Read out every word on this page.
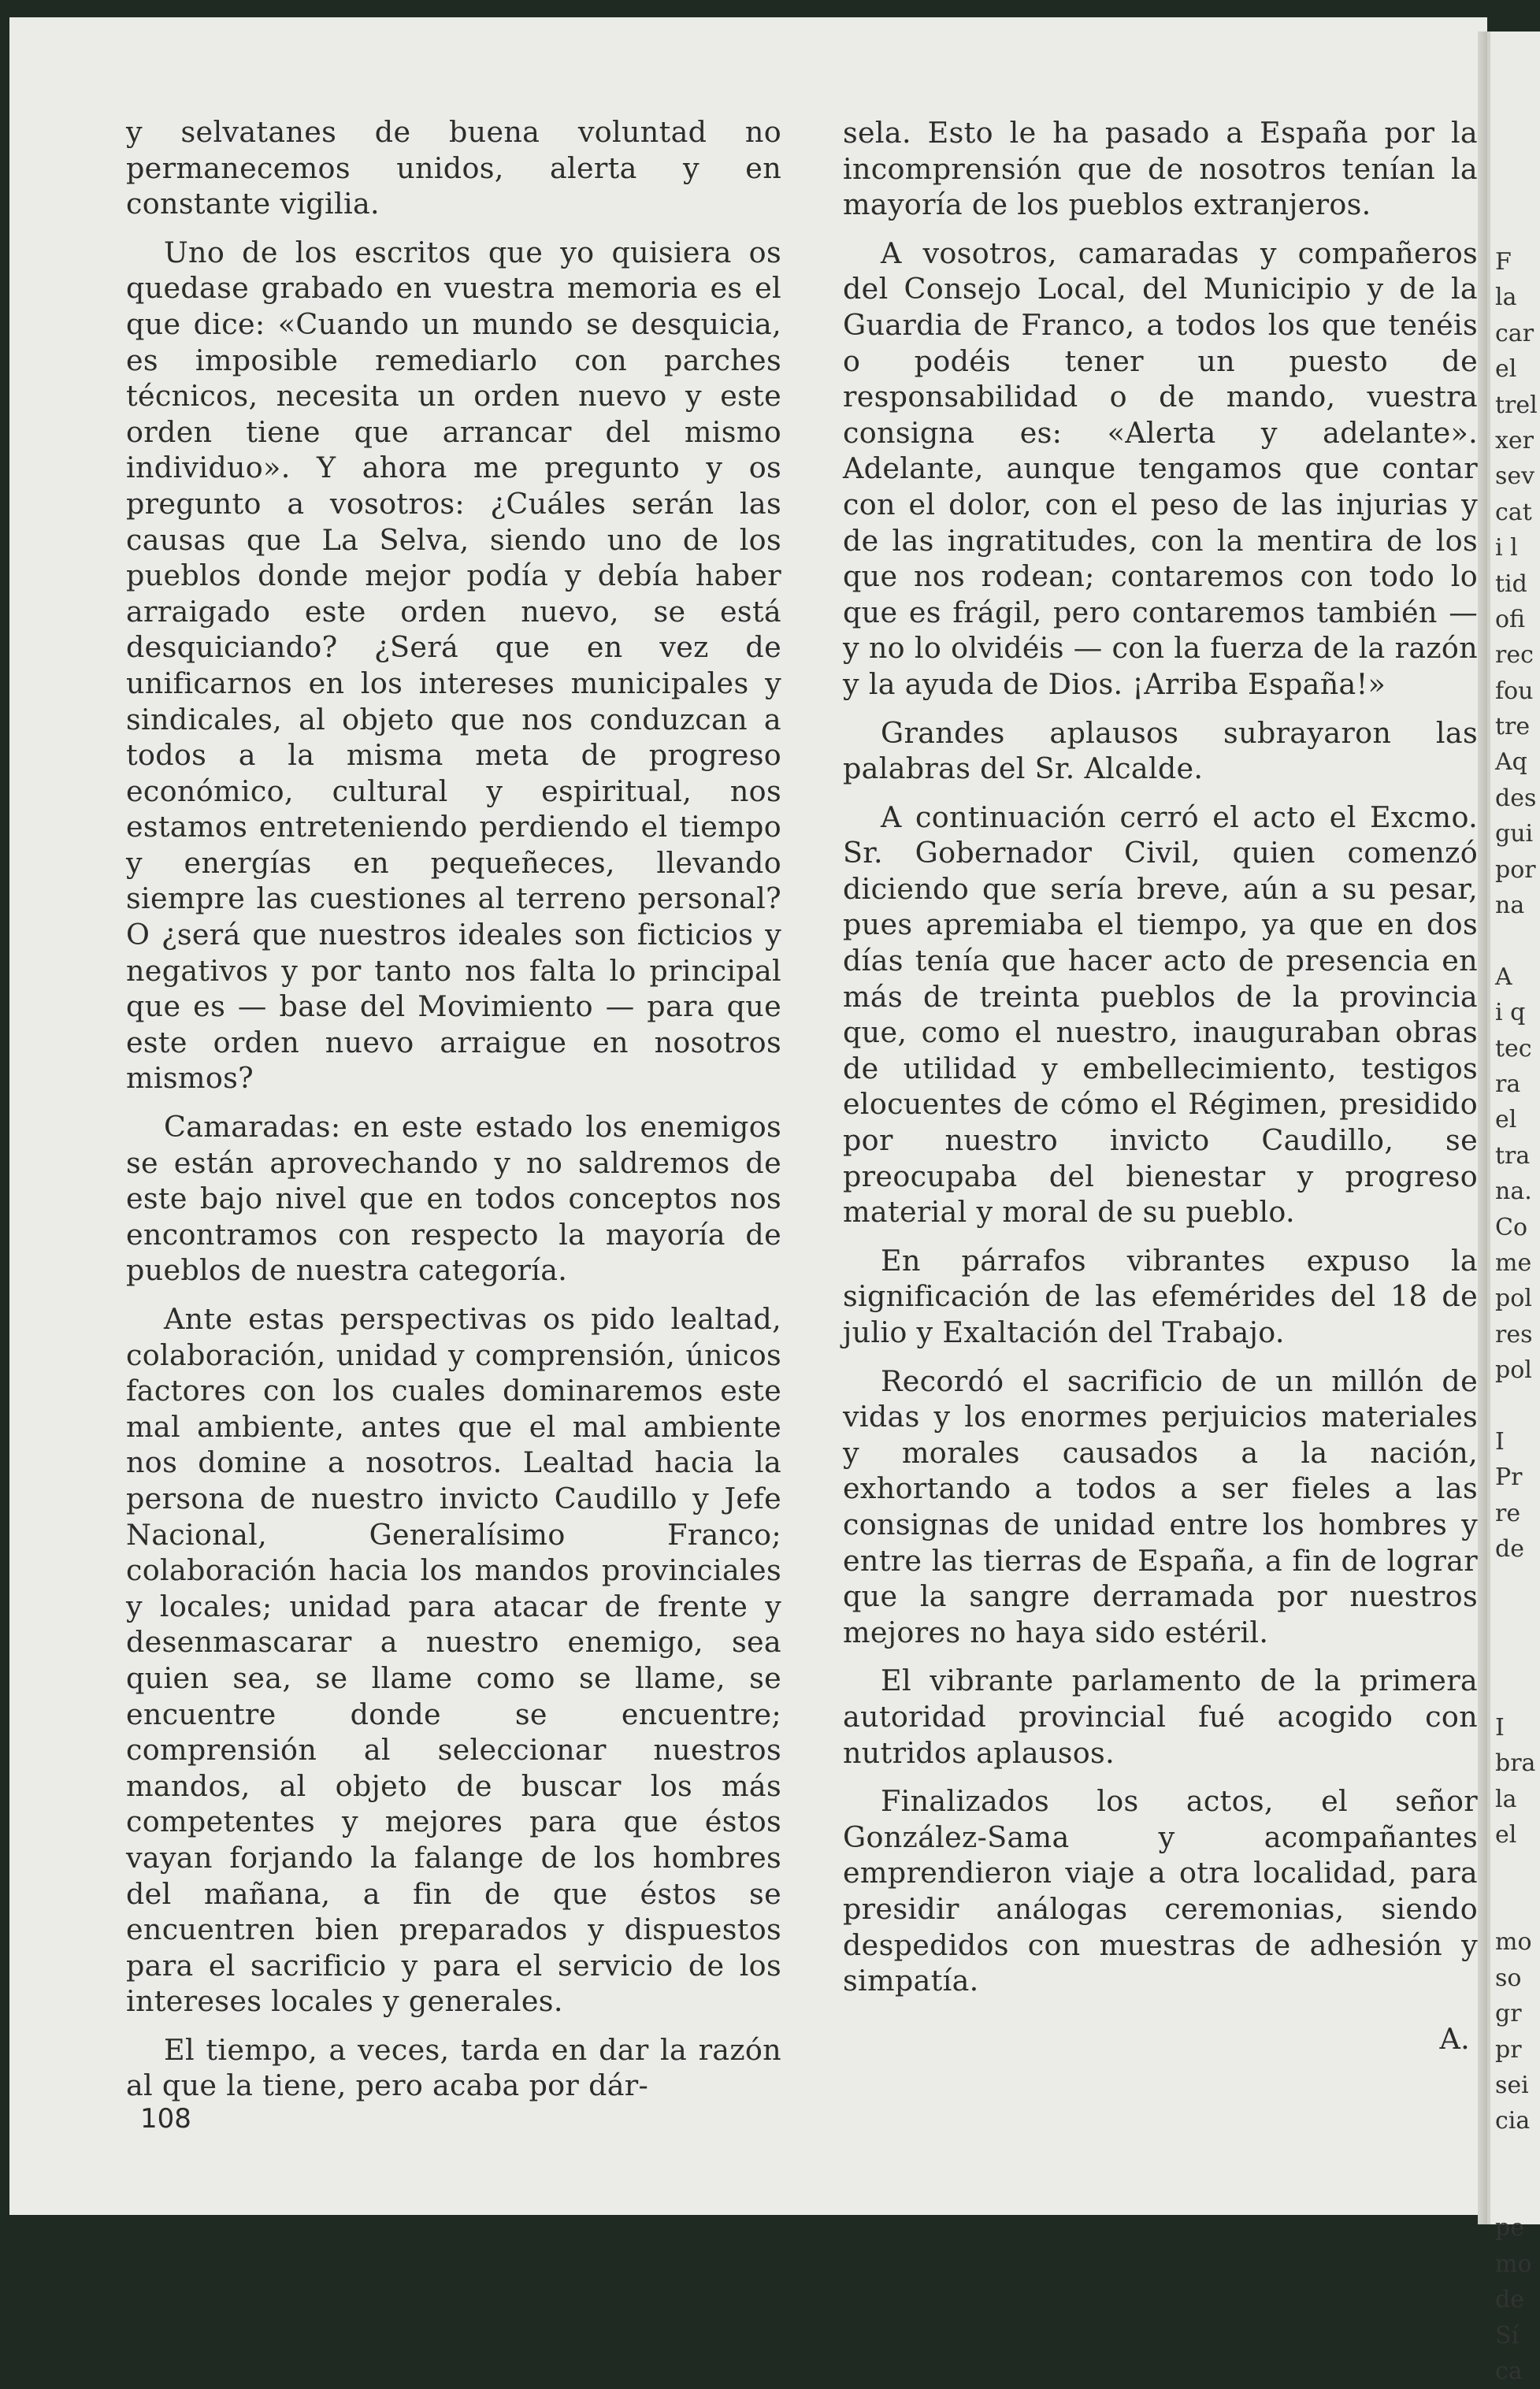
y selvatanes de buena voluntad no permanecemos unidos, alerta y en constante vigilia.

Uno de los escritos que yo quisiera os quedase grabado en vuestra memoria es el que dice: «Cuando un mundo se desquicia, es imposible remediarlo con parches técnicos, necesita un orden nuevo y este orden tiene que arrancar del mismo individuo». Y ahora me pregunto y os pregunto a vosotros: ¿Cuáles serán las causas que La Selva, siendo uno de los pueblos donde mejor podía y debía haber arraigado este orden nuevo, se está desquiciando? ¿Será que en vez de unificarnos en los intereses municipales y sindicales, al objeto que nos conduzcan a todos a la misma meta de progreso económico, cultural y espiritual, nos estamos entreteniendo perdiendo el tiempo y energías en pequeñeces, llevando siempre las cuestiones al terreno personal? O ¿será que nuestros ideales son ficticios y negativos y por tanto nos falta lo principal que es — base del Movimiento — para que este orden nuevo arraigue en nosotros mismos?

Camaradas: en este estado los enemigos se están aprovechando y no saldremos de este bajo nivel que en todos conceptos nos encontramos con respecto la mayoría de pueblos de nuestra categoría.

Ante estas perspectivas os pido lealtad, colaboración, unidad y comprensión, únicos factores con los cuales dominaremos este mal ambiente, antes que el mal ambiente nos domine a nosotros. Lealtad hacia la persona de nuestro invicto Caudillo y Jefe Nacional, Generalísimo Franco; colaboración hacia los mandos provinciales y locales; unidad para atacar de frente y desenmascarar a nuestro enemigo, sea quien sea, se llame como se llame, se encuentre donde se encuentre; comprensión al seleccionar nuestros mandos, al objeto de buscar los más competentes y mejores para que éstos vayan forjando la falange de los hombres del mañana, a fin de que éstos se encuentren bien preparados y dispuestos para el sacrificio y para el servicio de los intereses locales y generales.

El tiempo, a veces, tarda en dar la razón al que la tiene, pero acaba por dár-

sela. Esto le ha pasado a España por la incomprensión que de nosotros tenían la mayoría de los pueblos extranjeros.

A vosotros, camaradas y compañeros del Consejo Local, del Municipio y de la Guardia de Franco, a todos los que tenéis o podéis tener un puesto de responsabilidad o de mando, vuestra consigna es: «Alerta y adelante». Adelante, aunque tengamos que contar con el dolor, con el peso de las injurias y de las ingratitudes, con la mentira de los que nos rodean; contaremos con todo lo que es frágil, pero contaremos también — y no lo olvidéis — con la fuerza de la razón y la ayuda de Dios. ¡Arriba España!»

Grandes aplausos subrayaron las palabras del Sr. Alcalde.

A continuación cerró el acto el Excmo. Sr. Gobernador Civil, quien comenzó diciendo que sería breve, aún a su pesar, pues apremiaba el tiempo, ya que en dos días tenía que hacer acto de presencia en más de treinta pueblos de la provincia que, como el nuestro, inauguraban obras de utilidad y embellecimiento, testigos elocuentes de cómo el Régimen, presidido por nuestro invicto Caudillo, se preocupaba del bienestar y progreso material y moral de su pueblo.

En párrafos vibrantes expuso la significación de las efemérides del 18 de julio y Exaltación del Trabajo.

Recordó el sacrificio de un millón de vidas y los enormes perjuicios materiales y morales causados a la nación, exhortando a todos a ser fieles a las consignas de unidad entre los hombres y entre las tierras de España, a fin de lograr que la sangre derramada por nuestros mejores no haya sido estéril.

El vibrante parlamento de la primera autoridad provincial fué acogido con nutridos aplausos.

Finalizados los actos, el señor González-Sama y acompañantes emprendieron viaje a otra localidad, para presidir análogas ceremonias, siendo despedidos con muestras de adhesión y simpatía.

A.

108
F
la
car
el
trel
xer
sev
cat
i l
tid
ofi
rec
fou
tre
Aq
des
gui
por
na
A
i q
tec
ra
el
tra
na.
Co
me
pol
res
pol
I
Pr
re
de
I
bra
la
el
mo
so
gr
pr
sei
cia
pe
mo
de
Sí
ca
